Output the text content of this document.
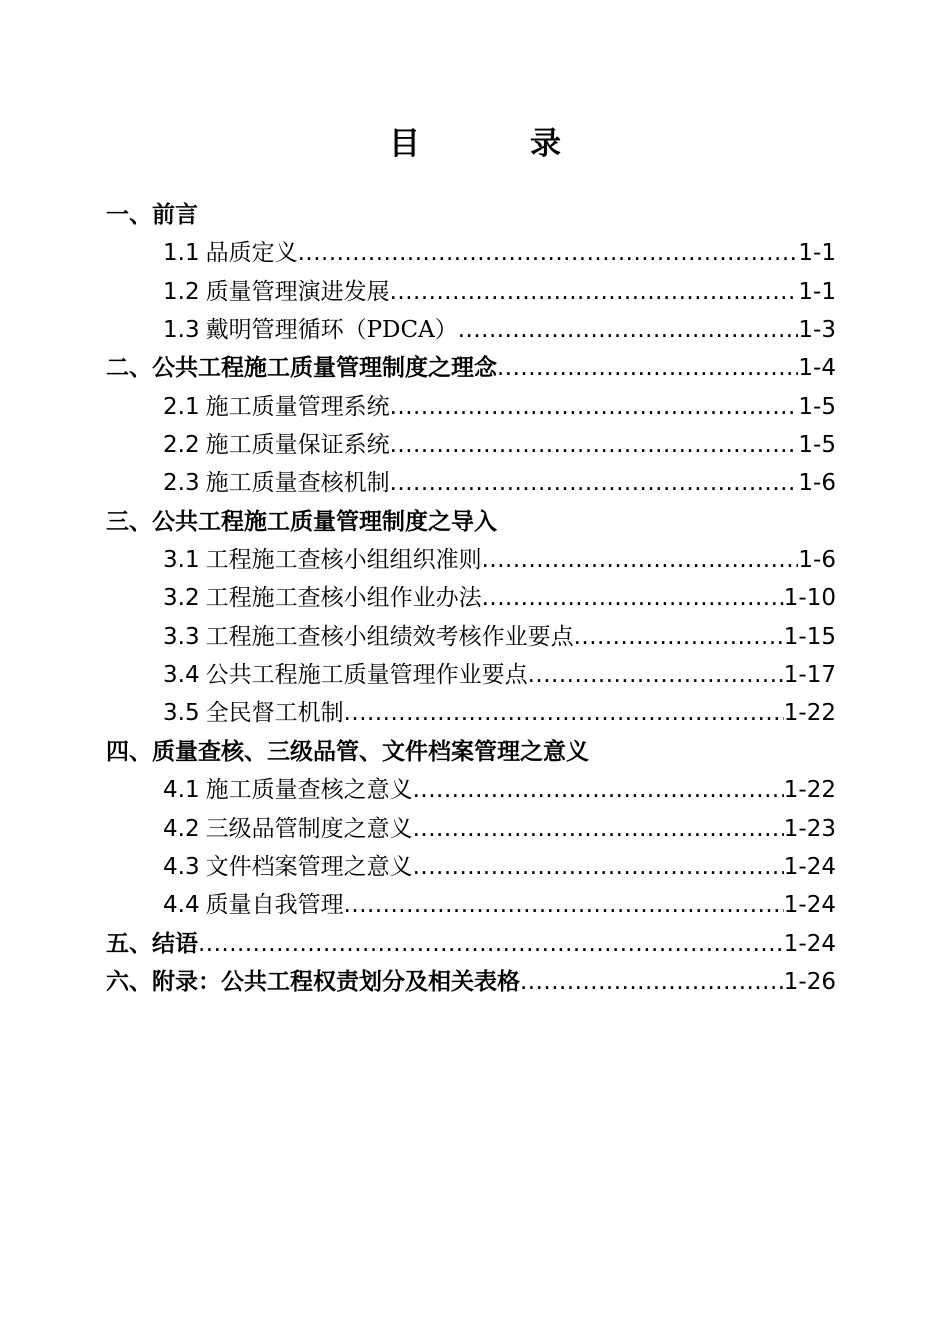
目	录
一、前言
1.1 品质定义 .....	1-1
1.2 质量管理演进发展 .....	1-1
1.3 戴明管理循环（PDCA） .....	1-3
二、公共工程施工质量管理制度之理念 .....	1-4
2.1 施工质量管理系统 .....	1-5
2.2 施工质量保证系统 .....	1-5
2.3 施工质量查核机制 .....	1-6
三、公共工程施工质量管理制度之导入
3.1 工程施工查核小组组织准则 .....	1-6
3.2 工程施工查核小组作业办法 .....	1-10
3.3 工程施工查核小组绩效考核作业要点 .....	1-15
3.4 公共工程施工质量管理作业要点 .....	1-17
3.5 全民督工机制 .....	1-22
四、质量查核、三级品管、文件档案管理之意义
4.1 施工质量查核之意义 .....	1-22
4.2 三级品管制度之意义 .....	1-23
4.3 文件档案管理之意义 .....	1-24
4.4 质量自我管理 .....	1-24
五、结语 .....	1-24
六、附录：公共工程权责划分及相关表格 .....	1-26
